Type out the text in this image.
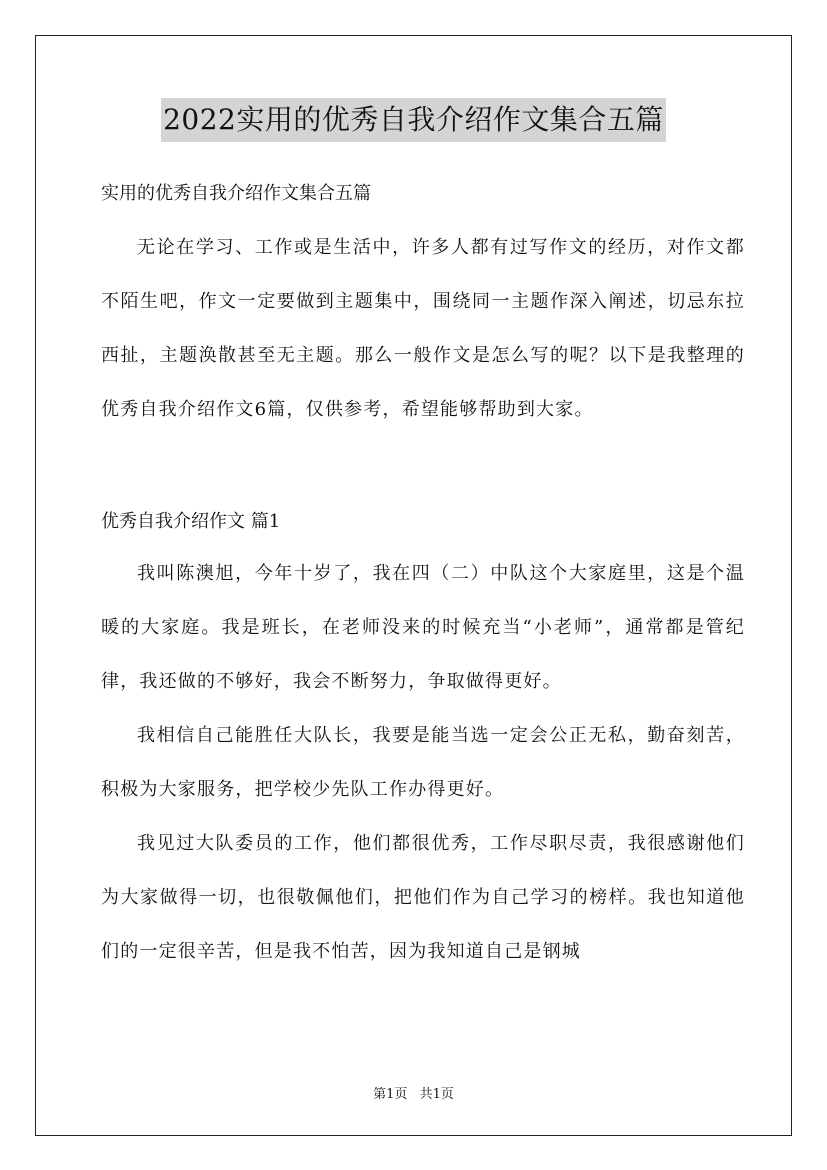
2022实用的优秀自我介绍作文集合五篇

实用的优秀自我介绍作文集合五篇

无论在学习、工作或是生活中，许多人都有过写作文的经历，对作文都不陌生吧，作文一定要做到主题集中，围绕同一主题作深入阐述，切忌东拉西扯，主题涣散甚至无主题。那么一般作文是怎么写的呢？以下是我整理的优秀自我介绍作文6篇，仅供参考，希望能够帮助到大家。

优秀自我介绍作文 篇1

我叫陈澳旭，今年十岁了，我在四（二）中队这个大家庭里，这是个温暖的大家庭。我是班长，在老师没来的时候充当“小老师”，通常都是管纪律，我还做的不够好，我会不断努力，争取做得更好。

我相信自己能胜任大队长，我要是能当选一定会公正无私，勤奋刻苦，积极为大家服务，把学校少先队工作办得更好。

我见过大队委员的工作，他们都很优秀，工作尽职尽责，我很感谢他们为大家做得一切，也很敬佩他们，把他们作为自己学习的榜样。我也知道他们的一定很辛苦，但是我不怕苦，因为我知道自己是钢城

第1页 共1页
